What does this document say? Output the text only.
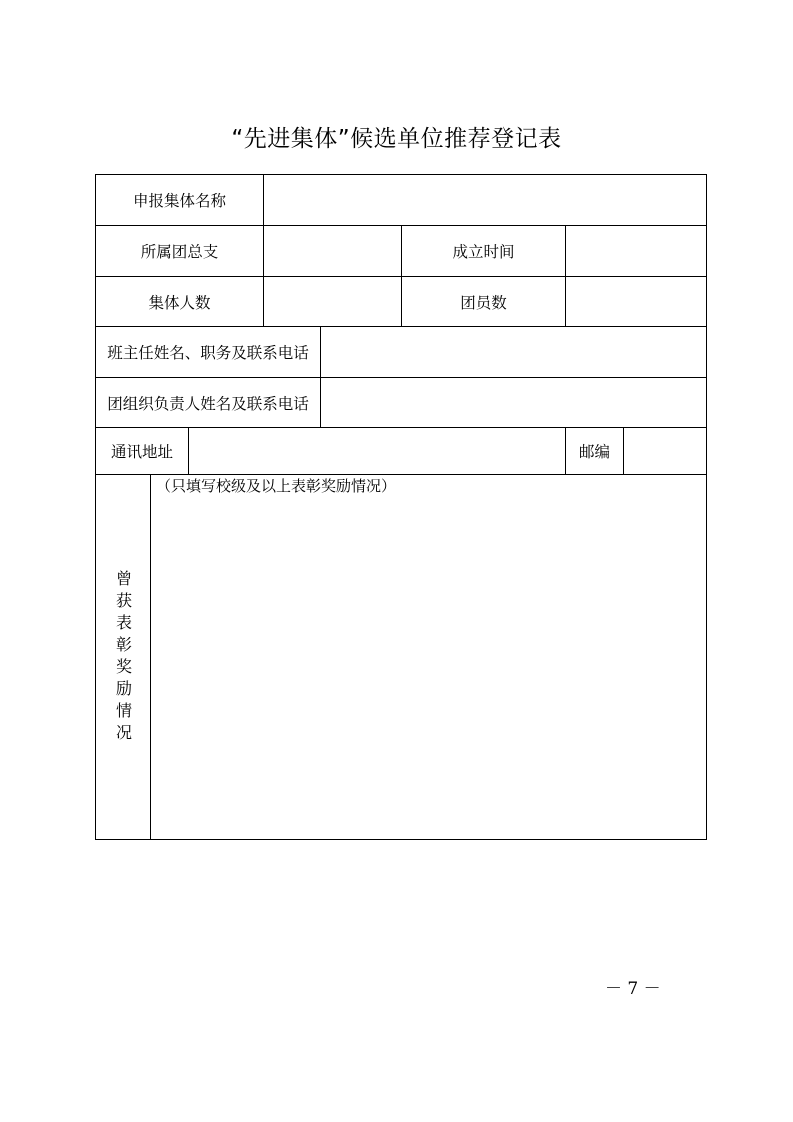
“先进集体”候选单位推荐登记表
申报集体名称
所属团总支	成立时间
集体人数	团员数
班主任姓名、职务及联系电话
团组织负责人姓名及联系电话
通讯地址	邮编
曾获表彰奖励情况
（只填写校级及以上表彰奖励情况）
－ 7 －
